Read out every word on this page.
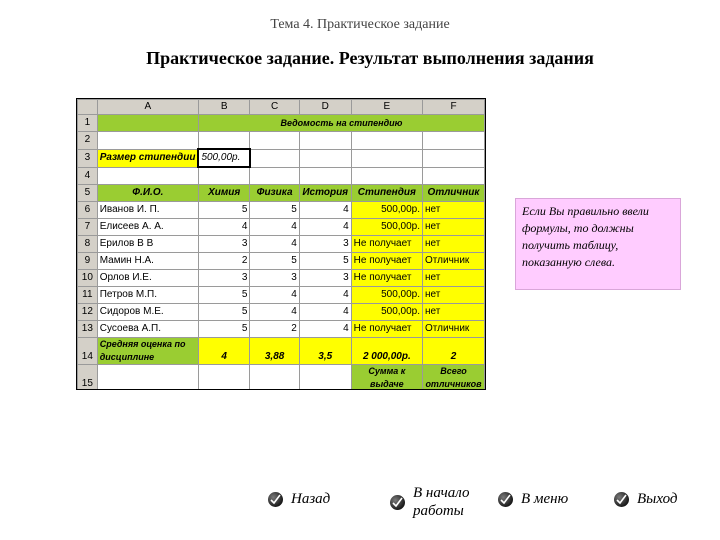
Тема 4. Практическое задание
Практическое задание. Результат выполнения задания
	A	B	C	D	E	F
1		Ведомость на стипендию				
2						
3	Размер стипендии	500,00р.				
4						
5	Ф.И.О.	Химия	Физика	История	Стипендия	Отличник
6	Иванов И. П.	5	5	4	500,00р.	нет
7	Елисеев А. А.	4	4	4	500,00р.	нет
8	Ерилов В В	3	4	3	Не получает	нет
9	Мамин Н.А.	2	5	5	Не получает	Отличник
10	Орлов И.Е.	3	3	3	Не получает	нет
11	Петров М.П.	5	4	4	500,00р.	нет
12	Сидоров М.Е.	5	4	4	500,00р.	нет
13	Сусоева А.П.	5	2	4	Не получает	Отличник
14	Средняя оценка по дисциплине	4	3,88	3,5	2 000,00р.	2
15					Сумма к выдаче	Всего отличников
Если Вы правильно ввели формулы, то должны получить таблицу, показанную слева.
Назад	В начало работы
В меню	Выход
